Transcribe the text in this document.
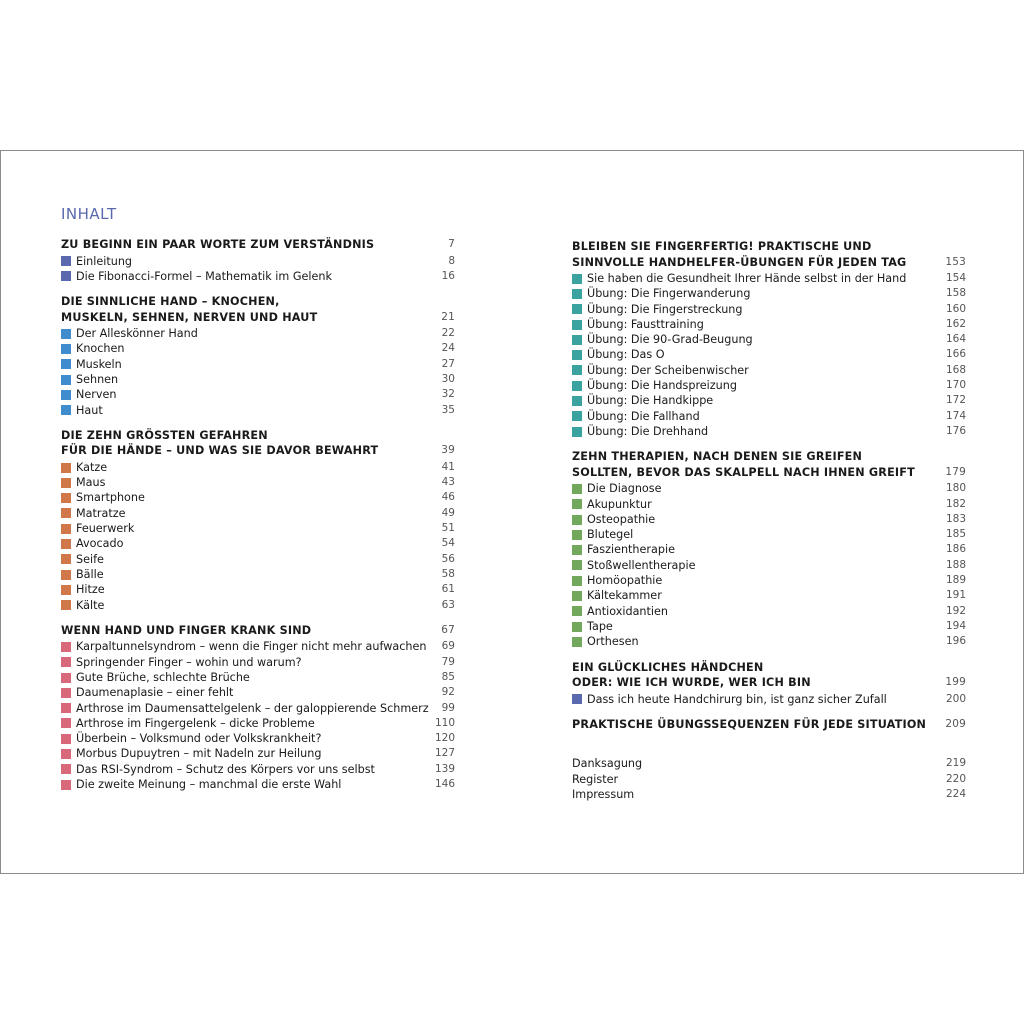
INHALT
ZU BEGINN EIN PAAR WORTE ZUM VERSTÄNDNIS	7
Einleitung	8
Die Fibonacci-Formel – Mathematik im Gelenk	16
DIE SINNLICHE HAND – KNOCHEN,
MUSKELN, SEHNEN, NERVEN UND HAUT	21
Der Alleskönner Hand	22
Knochen	24
Muskeln	27
Sehnen	30
Nerven	32
Haut	35
DIE ZEHN GRÖSSTEN GEFAHREN
FÜR DIE HÄNDE – UND WAS SIE DAVOR BEWAHRT	39
Katze	41
Maus	43
Smartphone	46
Matratze	49
Feuerwerk	51
Avocado	54
Seife	56
Bälle	58
Hitze	61
Kälte	63
WENN HAND UND FINGER KRANK SIND	67
Karpaltunnelsyndrom – wenn die Finger nicht mehr aufwachen 69
Springender Finger – wohin und warum?	79
Gute Brüche, schlechte Brüche	85
Daumenaplasie – einer fehlt	92
Arthrose im Daumensattelgelenk – der galoppierende Schmerz 99
Arthrose im Fingergelenk – dicke Probleme	110
Überbein – Volksmund oder Volkskrankheit?	120
Morbus Dupuytren – mit Nadeln zur Heilung	127
Das RSI-Syndrom – Schutz des Körpers vor uns selbst	139
Die zweite Meinung – manchmal die erste Wahl	146
BLEIBEN SIE FINGERFERTIG! PRAKTISCHE UND
SINNVOLLE HANDHELFER-ÜBUNGEN FÜR JEDEN TAG	153
Sie haben die Gesundheit Ihrer Hände selbst in der Hand	154
Übung: Die Fingerwanderung	158
Übung: Die Fingerstreckung	160
Übung: Fausttraining	162
Übung: Die 90-Grad-Beugung	164
Übung: Das O	166
Übung: Der Scheibenwischer	168
Übung: Die Handspreizung	170
Übung: Die Handkippe	172
Übung: Die Fallhand	174
Übung: Die Drehhand	176
ZEHN THERAPIEN, NACH DENEN SIE GREIFEN
SOLLTEN, BEVOR DAS SKALPELL NACH IHNEN GREIFT	179
Die Diagnose	180
Akupunktur	182
Osteopathie	183
Blutegel	185
Faszientherapie	186
Stoßwellentherapie	188
Homöopathie	189
Kältekammer	191
Antioxidantien	192
Tape	194
Orthesen	196
EIN GLÜCKLICHES HÄNDCHEN
ODER: WIE ICH WURDE, WER ICH BIN	199
Dass ich heute Handchirurg bin, ist ganz sicher Zufall	200
PRAKTISCHE ÜBUNGSSEQUENZEN FÜR JEDE SITUATION	209
Danksagung	219
Register	220
Impressum	224
